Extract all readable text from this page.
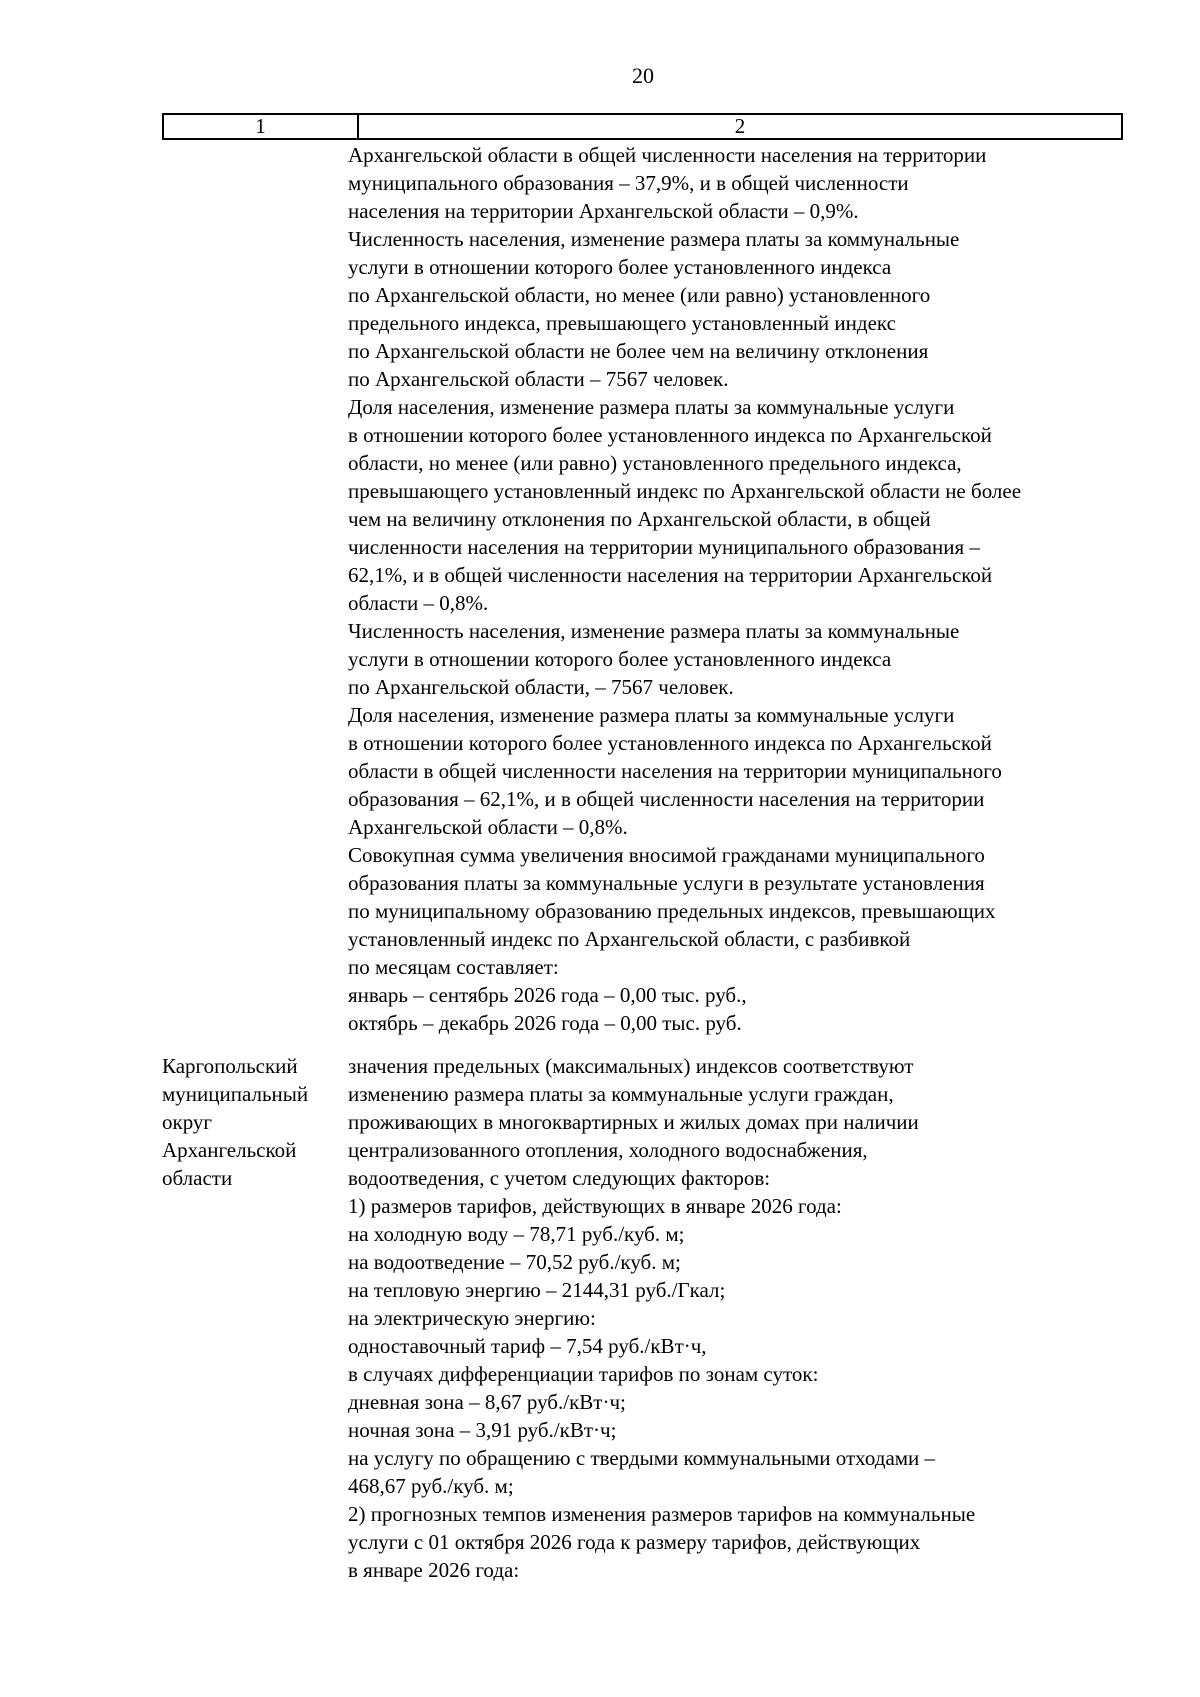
20
1	2
Архангельской области в общей численности населения на территории
муниципального образования – 37,9%, и в общей численности
населения на территории Архангельской области – 0,9%.
Численность населения, изменение размера платы за коммунальные
услуги в отношении которого более установленного индекса
по Архангельской области, но менее (или равно) установленного
предельного индекса, превышающего установленный индекс
по Архангельской области не более чем на величину отклонения
по Архангельской области – 7567 человек.
Доля населения, изменение размера платы за коммунальные услуги
в отношении которого более установленного индекса по Архангельской
области, но менее (или равно) установленного предельного индекса,
превышающего установленный индекс по Архангельской области не более
чем на величину отклонения по Архангельской области, в общей
численности населения на территории муниципального образования –
62,1%, и в общей численности населения на территории Архангельской
области – 0,8%.
Численность населения, изменение размера платы за коммунальные
услуги в отношении которого более установленного индекса
по Архангельской области, – 7567 человек.
Доля населения, изменение размера платы за коммунальные услуги
в отношении которого более установленного индекса по Архангельской
области в общей численности населения на территории муниципального
образования – 62,1%, и в общей численности населения на территории
Архангельской области – 0,8%.
Совокупная сумма увеличения вносимой гражданами муниципального
образования платы за коммунальные услуги в результате установления
по муниципальному образованию предельных индексов, превышающих
установленный индекс по Архангельской области, с разбивкой
по месяцам составляет:
январь – сентябрь 2026 года – 0,00 тыс. руб.,
октябрь – декабрь 2026 года – 0,00 тыс. руб.
Каргопольский
муниципальный
округ
Архангельской
области
значения предельных (максимальных) индексов соответствуют
изменению размера платы за коммунальные услуги граждан,
проживающих в многоквартирных и жилых домах при наличии
централизованного отопления, холодного водоснабжения,
водоотведения, с учетом следующих факторов:
1) размеров тарифов, действующих в январе 2026 года:
на холодную воду – 78,71 руб./куб. м;
на водоотведение – 70,52 руб./куб. м;
на тепловую энергию – 2144,31 руб./Гкал;
на электрическую энергию:
одноставочный тариф – 7,54 руб./кВт·ч,
в случаях дифференциации тарифов по зонам суток:
дневная зона – 8,67 руб./кВт·ч;
ночная зона – 3,91 руб./кВт·ч;
на услугу по обращению с твердыми коммунальными отходами –
468,67 руб./куб. м;
2) прогнозных темпов изменения размеров тарифов на коммунальные
услуги с 01 октября 2026 года к размеру тарифов, действующих
в январе 2026 года:
